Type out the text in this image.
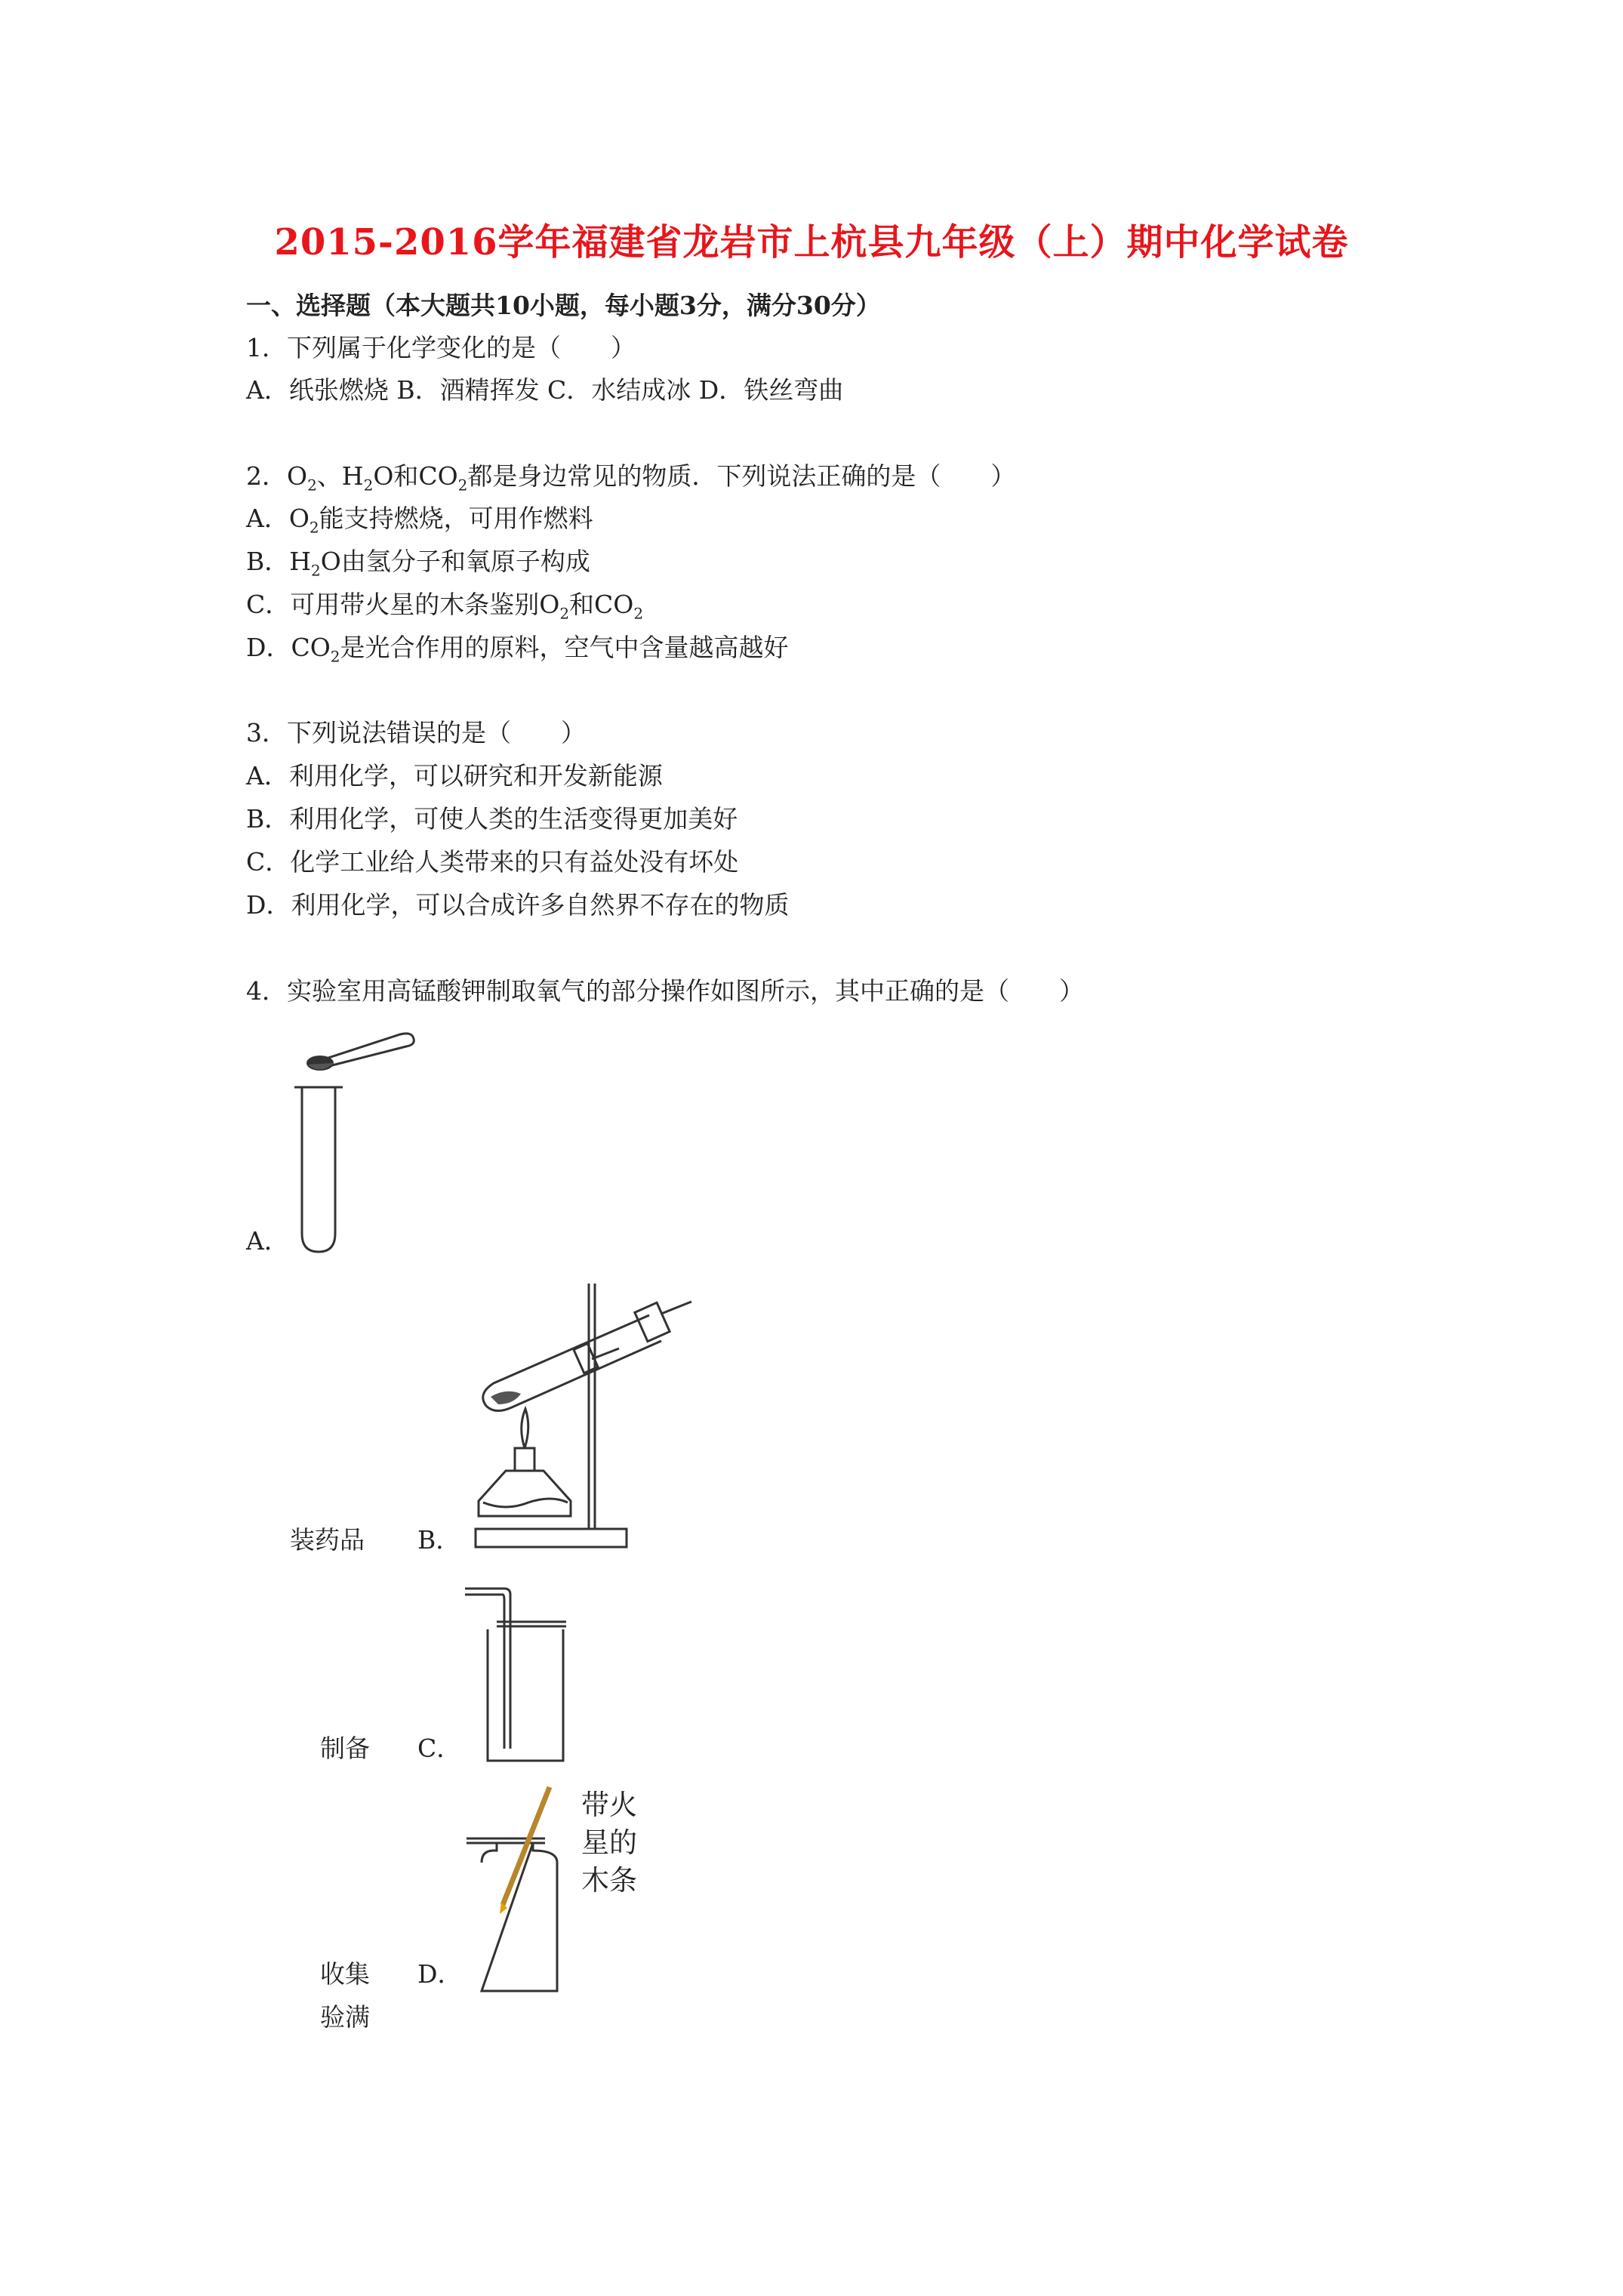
2015-2016学年福建省龙岩市上杭县九年级（上）期中化学试卷
一、选择题（本大题共10小题，每小题3分，满分30分）
1．下列属于化学变化的是（　　）
A．纸张燃烧 B．酒精挥发 C．水结成冰 D．铁丝弯曲
2．$O_2$、$H_2O$和$CO_2$都是身边常见的物质．下列说法正确的是（　　）
A．$O_2$能支持燃烧，可用作燃料
B．$H_2O$由氢分子和氧原子构成
C．可用带火星的木条鉴别$O_2$和$CO_2$
D．$CO_2$是光合作用的原料，空气中含量越高越好
3．下列说法错误的是（　　）
A．利用化学，可以研究和开发新能源
B．利用化学，可使人类的生活变得更加美好
C．化学工业给人类带来的只有益处没有坏处
D．利用化学，可以合成许多自然界不存在的物质
4．实验室用高锰酸钾制取氧气的部分操作如图所示，其中正确的是（　　）
A．
装药品 B．
制备 C．
带火
星的
木条
收集 D．
验满
